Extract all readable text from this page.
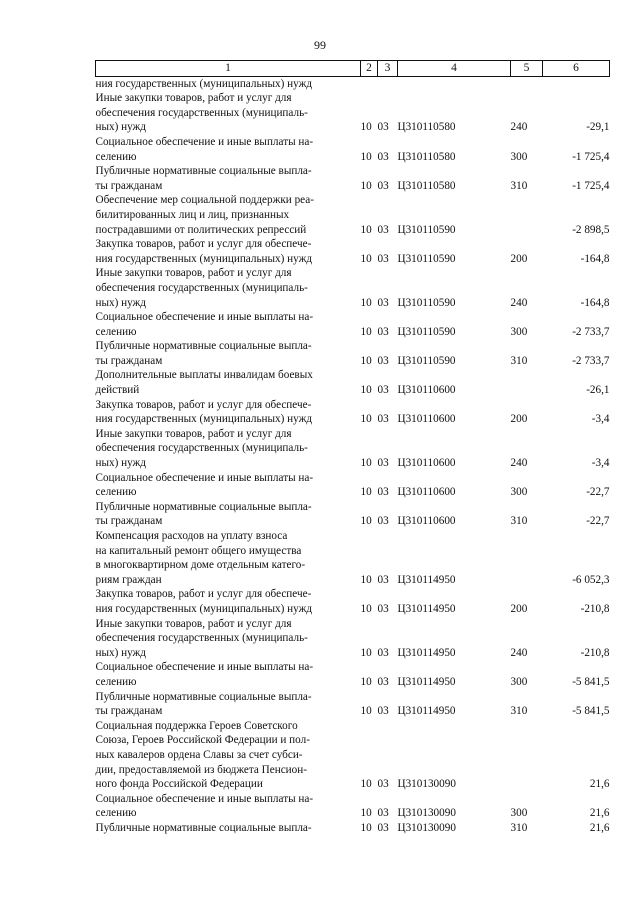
99
1	2	3	4	5	6

ния государственных (муниципальных) нужд					

Иные закупки товаров, работ и услуг для
обеспечения государственных (муниципаль-
ных) нужд	10	03	Ц310110580	240	-29,1

Социальное обеспечение и иные выплаты на-
селению	10	03	Ц310110580	300	-1 725,4

Публичные нормативные социальные выпла-
ты гражданам	10	03	Ц310110580	310	-1 725,4

Обеспечение мер социальной поддержки реа-
билитированных лиц и лиц, признанных
пострадавшими от политических репрессий	10	03	Ц310110590		-2 898,5

Закупка товаров, работ и услуг для обеспече-
ния государственных (муниципальных) нужд	10	03	Ц310110590	200	-164,8

Иные закупки товаров, работ и услуг для
обеспечения государственных (муниципаль-
ных) нужд	10	03	Ц310110590	240	-164,8

Социальное обеспечение и иные выплаты на-
селению	10	03	Ц310110590	300	-2 733,7

Публичные нормативные социальные выпла-
ты гражданам	10	03	Ц310110590	310	-2 733,7

Дополнительные выплаты инвалидам боевых
действий	10	03	Ц310110600		-26,1

Закупка товаров, работ и услуг для обеспече-
ния государственных (муниципальных) нужд	10	03	Ц310110600	200	-3,4

Иные закупки товаров, работ и услуг для
обеспечения государственных (муниципаль-
ных) нужд	10	03	Ц310110600	240	-3,4

Социальное обеспечение и иные выплаты на-
селению	10	03	Ц310110600	300	-22,7

Публичные нормативные социальные выпла-
ты гражданам	10	03	Ц310110600	310	-22,7

Компенсация расходов на уплату взноса
на капитальный ремонт общего имущества
в многоквартирном доме отдельным катего-
риям граждан	10	03	Ц310114950		-6 052,3

Закупка товаров, работ и услуг для обеспече-
ния государственных (муниципальных) нужд	10	03	Ц310114950	200	-210,8

Иные закупки товаров, работ и услуг для
обеспечения государственных (муниципаль-
ных) нужд	10	03	Ц310114950	240	-210,8

Социальное обеспечение и иные выплаты на-
селению	10	03	Ц310114950	300	-5 841,5

Публичные нормативные социальные выпла-
ты гражданам	10	03	Ц310114950	310	-5 841,5

Социальная поддержка Героев Советского
Союза, Героев Российской Федерации и пол-
ных кавалеров ордена Славы за счет субси-
дии, предоставляемой из бюджета Пенсион-
ного фонда Российской Федерации	10	03	Ц310130090		21,6

Социальное обеспечение и иные выплаты на-
селению	10	03	Ц310130090	300	21,6

Публичные нормативные социальные выпла-	10	03	Ц310130090	310	21,6
